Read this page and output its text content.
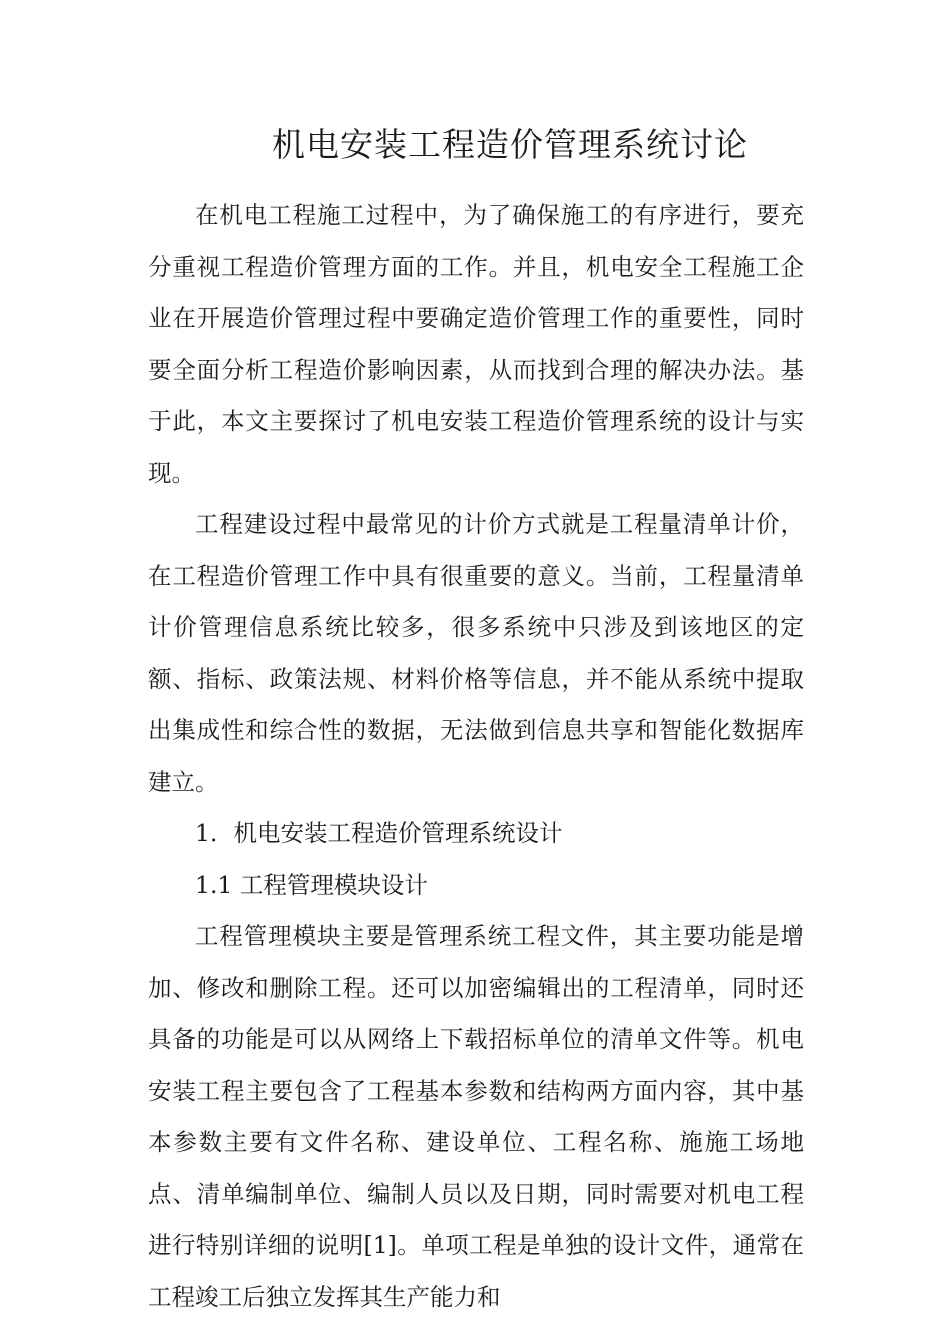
机电安装工程造价管理系统讨论

在机电工程施工过程中，为了确保施工的有序进行，要充分重视工程造价管理方面的工作。并且，机电安全工程施工企业在开展造价管理过程中要确定造价管理工作的重要性，同时要全面分析工程造价影响因素，从而找到合理的解决办法。基于此，本文主要探讨了机电安装工程造价管理系统的设计与实现。

工程建设过程中最常见的计价方式就是工程量清单计价，在工程造价管理工作中具有很重要的意义。当前，工程量清单计价管理信息系统比较多，很多系统中只涉及到该地区的定额、指标、政策法规、材料价格等信息，并不能从系统中提取出集成性和综合性的数据，无法做到信息共享和智能化数据库建立。

1．机电安装工程造价管理系统设计

1.1 工程管理模块设计

工程管理模块主要是管理系统工程文件，其主要功能是增加、修改和删除工程。还可以加密编辑出的工程清单，同时还具备的功能是可以从网络上下载招标单位的清单文件等。机电安装工程主要包含了工程基本参数和结构两方面内容，其中基本参数主要有文件名称、建设单位、工程名称、施施工场地点、清单编制单位、编制人员以及日期，同时需要对机电工程进行特别详细的说明[1]。单项工程是单独的设计文件，通常在工程竣工后独立发挥其生产能力和
